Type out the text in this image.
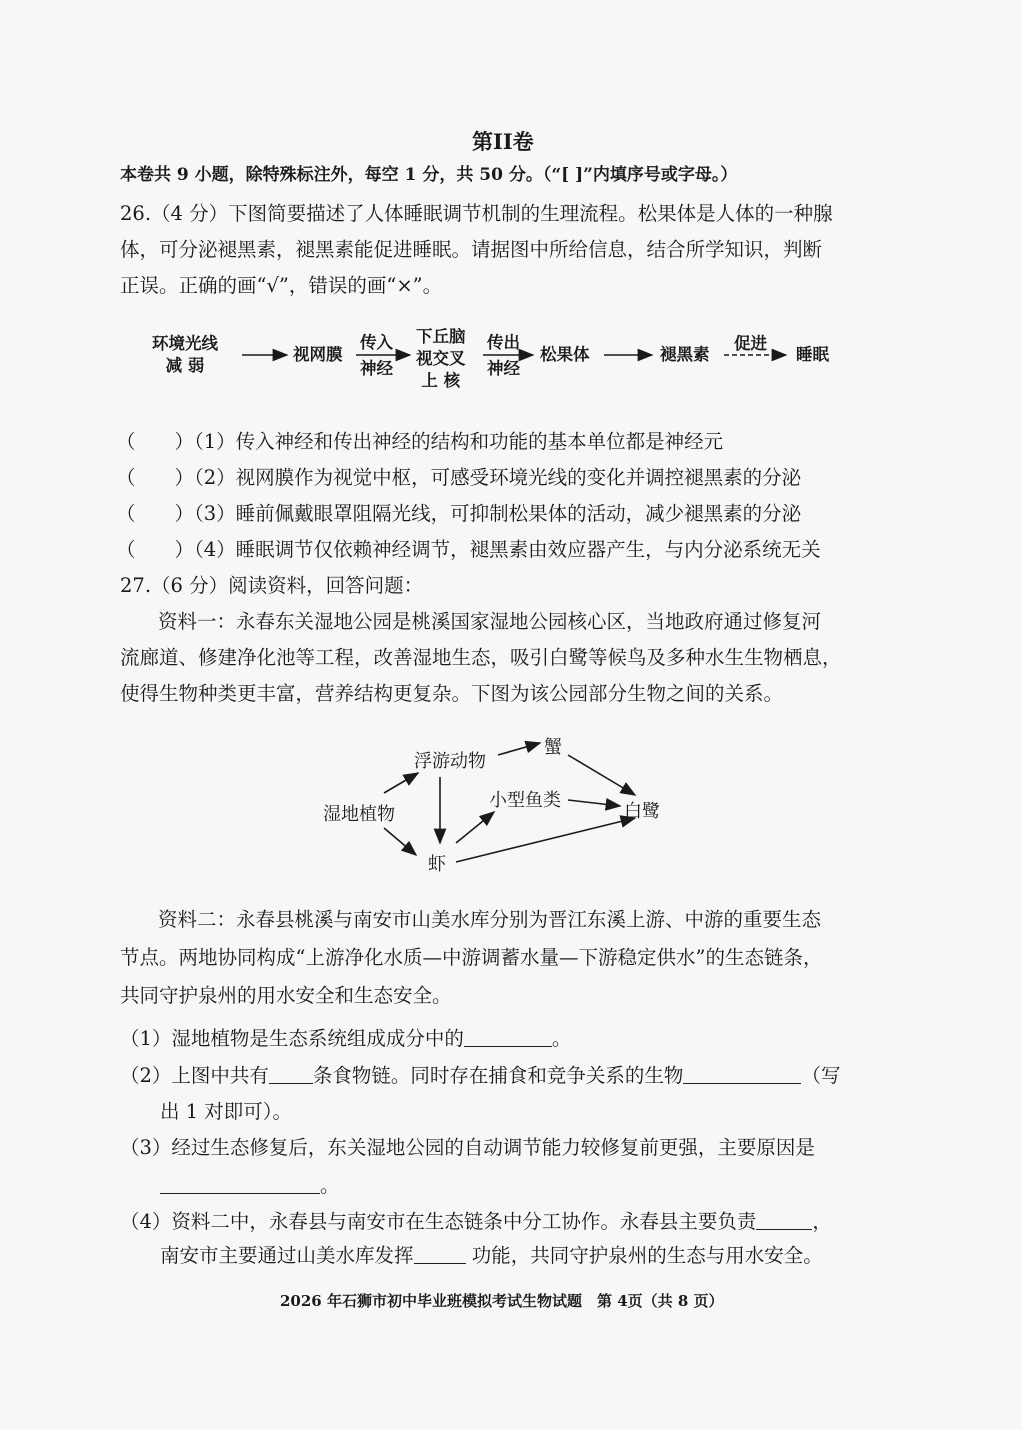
第II卷
本卷共 9 小题，除特殊标注外，每空 1 分，共 50 分。（“[ ]”内填序号或字母。）
26.（4 分）下图简要描述了人体睡眠调节机制的生理流程。松果体是人体的一种腺
体，可分泌褪黑素，褪黑素能促进睡眠。请据图中所给信息，结合所学知识，判断
正误。正确的画“√”，错误的画“×”。
环境光线
减 弱
视网膜
传入
神经
下丘脑
视交叉
上 核
传出
神经
松果体	褪黑素
促进
睡眠
（　　）（1）传入神经和传出神经的结构和功能的基本单位都是神经元
（　　）（2）视网膜作为视觉中枢，可感受环境光线的变化并调控褪黑素的分泌
（　　）（3）睡前佩戴眼罩阻隔光线，可抑制松果体的活动，减少褪黑素的分泌
（　　）（4）睡眠调节仅依赖神经调节，褪黑素由效应器产生，与内分泌系统无关
27.（6 分）阅读资料，回答问题：
资料一：永春东关湿地公园是桃溪国家湿地公园核心区，当地政府通过修复河
流廊道、修建净化池等工程，改善湿地生态，吸引白鹭等候鸟及多种水生生物栖息，
使得生物种类更丰富，营养结构更复杂。下图为该公园部分生物之间的关系。
湿地植物
浮游动物
蟹
小型鱼类
白鹭
虾
资料二：永春县桃溪与南安市山美水库分别为晋江东溪上游、中游的重要生态
节点。两地协同构成“上游净化水质—中游调蓄水量—下游稳定供水”的生态链条，
共同守护泉州的用水安全和生态安全。
（1）湿地植物是生态系统组成成分中的	。
（2）上图中共有 条食物链。同时存在捕食和竞争关系的生物	（写
出 1 对即可）。
（3）经过生态修复后，东关湿地公园的自动调节能力较修复前更强，主要原因是
。
（4）资料二中，永春县与南安市在生态链条中分工协作。永春县主要负责	，
南安市主要通过山美水库发挥	功能，共同守护泉州的生态与用水安全。
2026 年石狮市初中毕业班模拟考试生物试题　第 4页（共 8 页）
